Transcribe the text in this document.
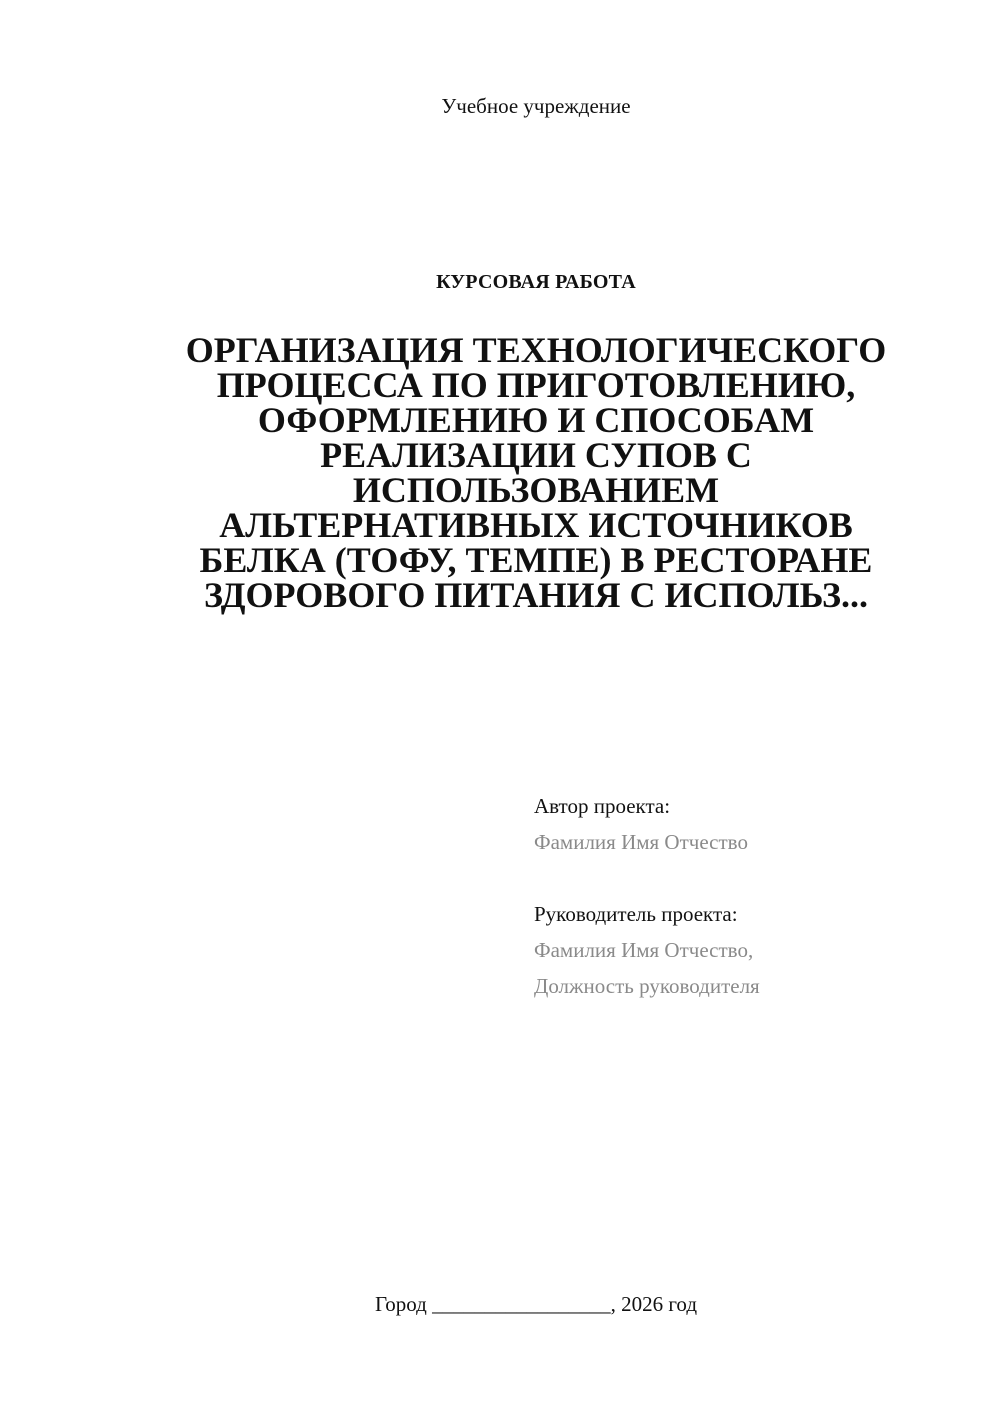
Учебное учреждение
КУРСОВАЯ РАБОТА
ОРГАНИЗАЦИЯ ТЕХНОЛОГИЧЕСКОГО
ПРОЦЕССА ПО ПРИГОТОВЛЕНИЮ,
ОФОРМЛЕНИЮ И СПОСОБАМ
РЕАЛИЗАЦИИ СУПОВ С
ИСПОЛЬЗОВАНИЕМ
АЛЬТЕРНАТИВНЫХ ИСТОЧНИКОВ
БЕЛКА (ТОФУ, ТЕМПЕ) В РЕСТОРАНЕ
ЗДОРОВОГО ПИТАНИЯ С ИСПОЛЬЗ...
Автор проекта:
Фамилия Имя Отчество
Руководитель проекта:
Фамилия Имя Отчество,
Должность руководителя
Город _________________, 2026 год
